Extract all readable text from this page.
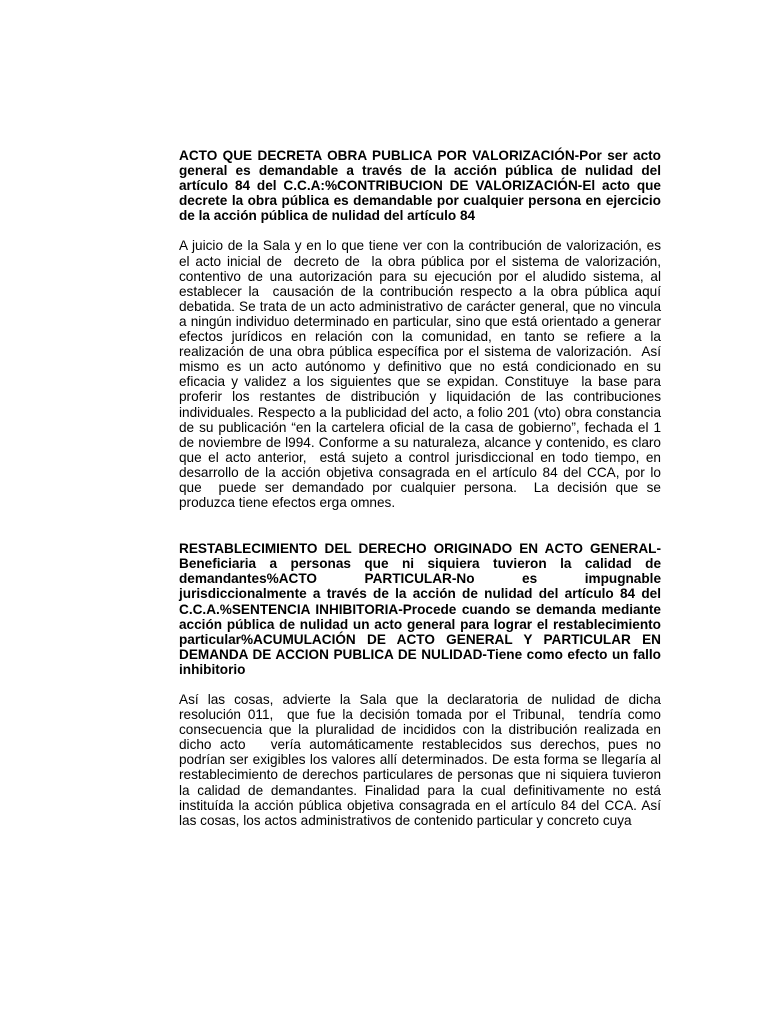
ACTO QUE DECRETA OBRA PUBLICA POR VALORIZACIÓN-Por ser acto general es demandable a través de la acción pública de nulidad del artículo 84 del C.C.A:%CONTRIBUCION DE VALORIZACIÓN-El acto que decrete la obra pública es demandable por cualquier persona en ejercicio de la acción pública de nulidad del artículo 84

A juicio de la Sala y en lo que tiene ver con la contribución de valorización, es  el acto inicial de  decreto de  la obra pública por el sistema de valorización, contentivo de una autorización para su ejecución por el aludido sistema, al establecer la  causación de la contribución respecto a la obra pública aquí debatida. Se trata de un acto administrativo de carácter general, que no vincula a ningún individuo determinado en particular, sino que está orientado a generar efectos jurídicos en relación con la comunidad, en tanto se refiere a la realización de una obra pública específica por el sistema de valorización.  Así mismo es un acto autónomo y definitivo que no está condicionado en su eficacia y validez a los siguientes que se expidan. Constituye  la base para proferir los restantes de distribución y liquidación de las contribuciones individuales. Respecto a la publicidad del acto, a folio 201 (vto) obra constancia de su publicación “en la cartelera oficial de la casa de gobierno”, fechada el 1 de noviembre de l994. Conforme a su naturaleza, alcance y contenido, es claro que el acto anterior,  está sujeto a control jurisdiccional en todo tiempo, en desarrollo de la acción objetiva consagrada en el artículo 84 del CCA, por lo que  puede ser demandado por cualquier persona.  La decisión que se produzca tiene efectos erga omnes.

RESTABLECIMIENTO DEL DERECHO ORIGINADO EN ACTO GENERAL-Beneficiaria a personas que ni siquiera tuvieron la calidad de demandantes%ACTO PARTICULAR-No es impugnable jurisdiccionalmente a través de la acción de nulidad del artículo 84 del C.C.A.%SENTENCIA INHIBITORIA-Procede cuando se demanda mediante acción pública de nulidad un acto general para lograr el restablecimiento particular%ACUMULACIÓN DE ACTO GENERAL Y PARTICULAR EN DEMANDA DE ACCION PUBLICA DE NULIDAD-Tiene como efecto un fallo inhibitorio

Así las cosas, advierte la Sala que la declaratoria de nulidad de dicha resolución 011,  que fue la decisión tomada por el Tribunal,  tendría como consecuencia que la pluralidad de incididos con la distribución realizada en dicho acto   vería automáticamente restablecidos sus derechos, pues no podrían ser exigibles los valores allí determinados. De esta forma se llegaría al restablecimiento de derechos particulares de personas que ni siquiera tuvieron la calidad de demandantes. Finalidad para la cual definitivamente no está instituída la acción pública objetiva consagrada en el artículo 84 del CCA. Así las cosas, los actos administrativos de contenido particular y concreto cuya
